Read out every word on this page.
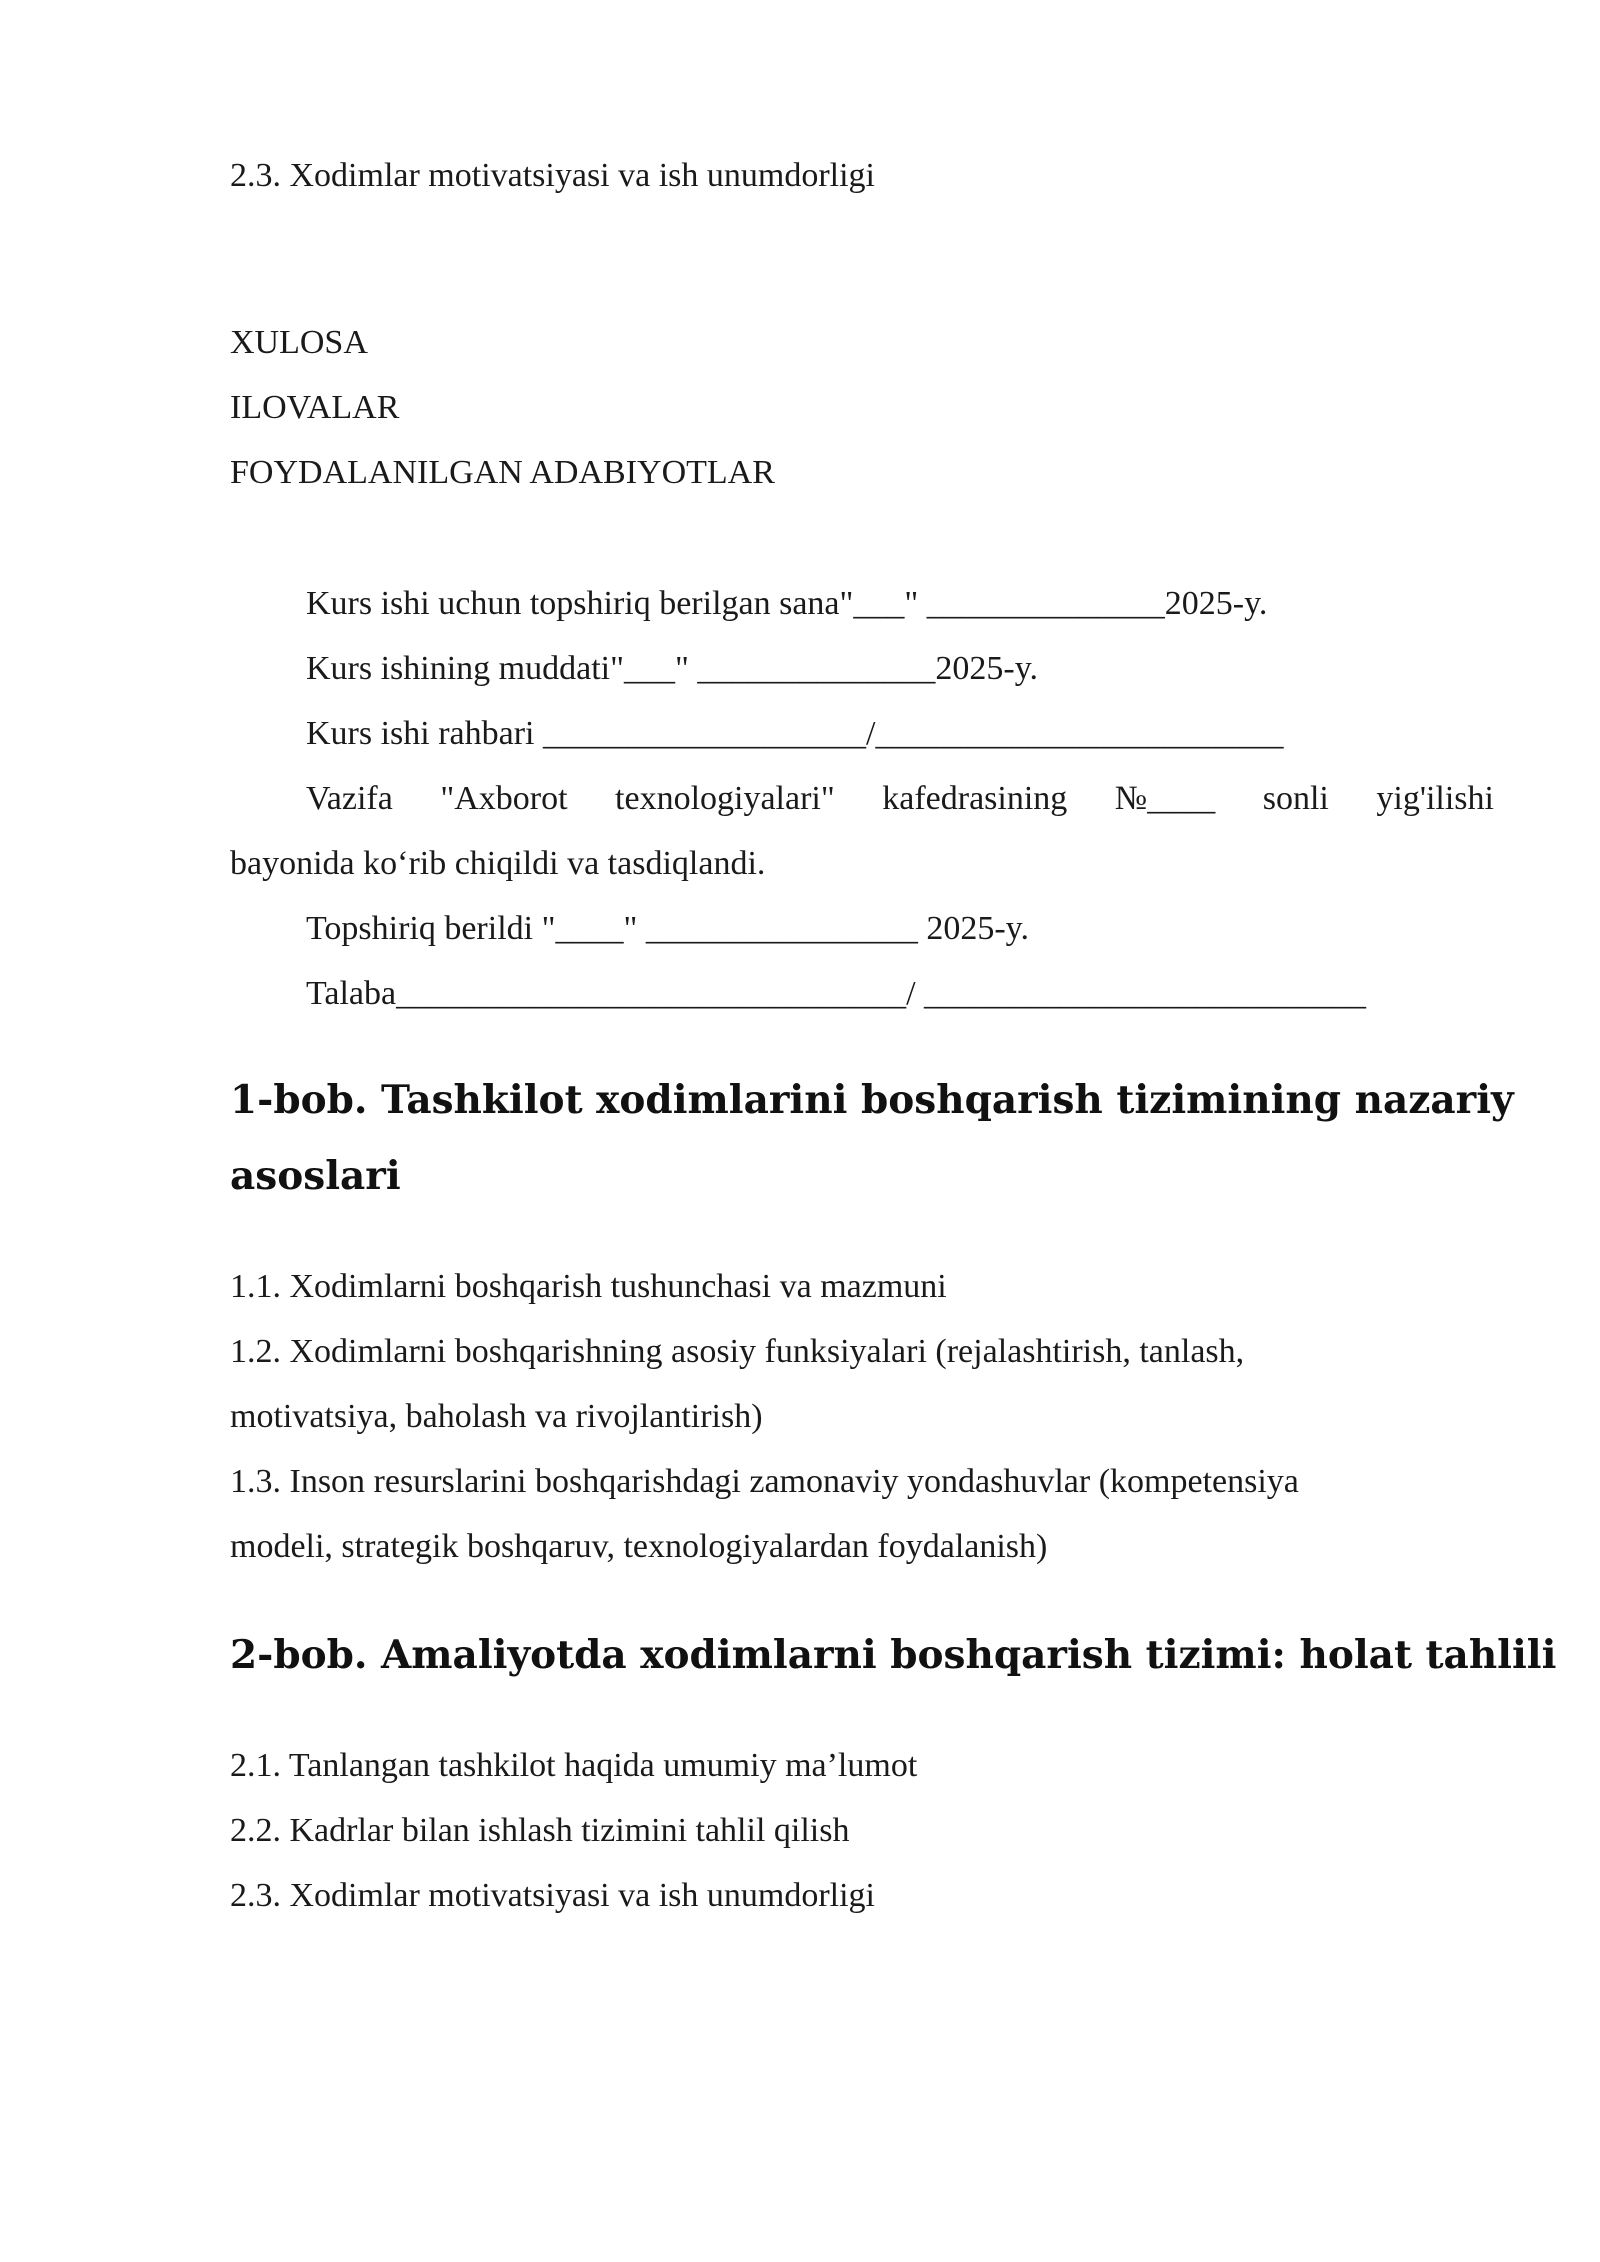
2.3. Xodimlar motivatsiyasi va ish unumdorligi
XULOSA
ILOVALAR
FOYDALANILGAN ADABIYOTLAR
Kurs ishi uchun topshiriq berilgan sana"___" ______________2025-y.
Kurs ishining muddati"___" ______________2025-y.
Kurs ishi rahbari ___________________/________________________
Vazifa "Axborot texnologiyalari" kafedrasining №____ sonli yig'ilishi
bayonida ko‘rib chiqildi va tasdiqlandi.
Topshiriq berildi "____" ________________ 2025-y.
Talaba______________________________/ __________________________
1-bob. Tashkilot xodimlarini boshqarish tizimining nazariy
asoslari
1.1. Xodimlarni boshqarish tushunchasi va mazmuni
1.2. Xodimlarni boshqarishning asosiy funksiyalari (rejalashtirish, tanlash,
motivatsiya, baholash va rivojlantirish)
1.3. Inson resurslarini boshqarishdagi zamonaviy yondashuvlar (kompetensiya
modeli, strategik boshqaruv, texnologiyalardan foydalanish)
2-bob. Amaliyotda xodimlarni boshqarish tizimi: holat tahlili
2.1. Tanlangan tashkilot haqida umumiy ma’lumot
2.2. Kadrlar bilan ishlash tizimini tahlil qilish
2.3. Xodimlar motivatsiyasi va ish unumdorligi
